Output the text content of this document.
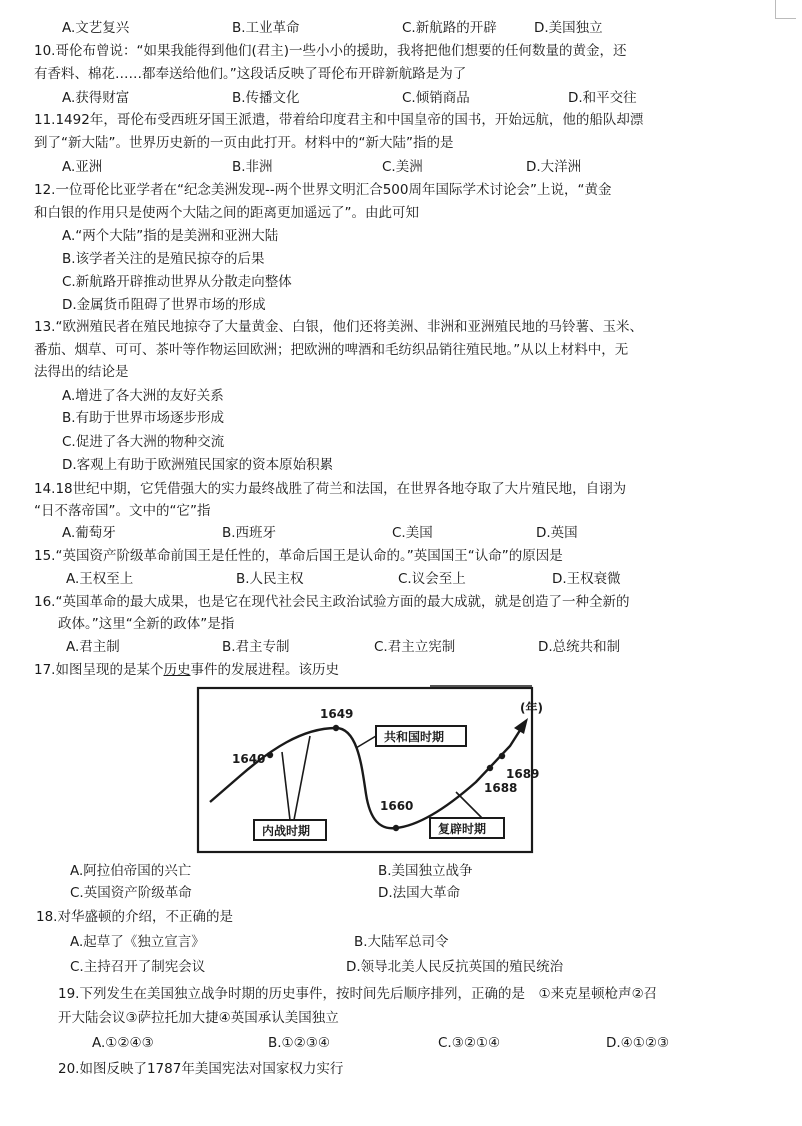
A.文艺复兴	B.工业革命	C.新航路的开辟	D.美国独立
10.哥伦布曾说：“如果我能得到他们(君主)一些小小的援助，我将把他们想要的任何数量的黄金，还
有香料、棉花……都奉送给他们。”这段话反映了哥伦布开辟新航路是为了
A.获得财富	B.传播文化	C.倾销商品	D.和平交往
11.1492年，哥伦布受西班牙国王派遣，带着给印度君主和中国皇帝的国书，开始远航，他的船队却漂
到了“新大陆”。世界历史新的一页由此打开。材料中的“新大陆”指的是
A.亚洲	B.非洲	C.美洲	D.大洋洲
12.一位哥伦比亚学者在“纪念美洲发现--两个世界文明汇合500周年国际学术讨论会”上说，“黄金
和白银的作用只是使两个大陆之间的距离更加遥远了”。由此可知
A.“两个大陆”指的是美洲和亚洲大陆
B.该学者关注的是殖民掠夺的后果
C.新航路开辟推动世界从分散走向整体
D.金属货币阻碍了世界市场的形成
13.“欧洲殖民者在殖民地掠夺了大量黄金、白银，他们还将美洲、非洲和亚洲殖民地的马铃薯、玉米、
番茄、烟草、可可、茶叶等作物运回欧洲；把欧洲的啤酒和毛纺织品销往殖民地。”从以上材料中，无
法得出的结论是
A.增进了各大洲的友好关系
B.有助于世界市场逐步形成
C.促进了各大洲的物种交流
D.客观上有助于欧洲殖民国家的资本原始积累
14.18世纪中期，它凭借强大的实力最终战胜了荷兰和法国，在世界各地夺取了大片殖民地，自诩为
“日不落帝国”。文中的“它”指
A.葡萄牙	B.西班牙	C.美国	D.英国
15.“英国资产阶级革命前国王是任性的，革命后国王是认命的。”英国国王“认命”的原因是
A.王权至上	B.人民主权	C.议会至上	D.王权衰微
16.“英国革命的最大成果，也是它在现代社会民主政治试验方面的最大成就，就是创造了一种全新的
政体。”这里“全新的政体”是指
A.君主制	B.君主专制	C.君主立宪制	D.总统共和制
17.如图呈现的是某个历史事件的发展进程。该历史
1640
1649
1660
1688
1689
(年)
共和国时期
内战时期	复辟时期
A.阿拉伯帝国的兴亡	B.美国独立战争
C.英国资产阶级革命	D.法国大革命
18.对华盛顿的介绍，不正确的是
A.起草了《独立宣言》	B.大陆军总司令
C.主持召开了制宪会议	D.领导北美人民反抗英国的殖民统治
19.下列发生在美国独立战争时期的历史事件，按时间先后顺序排列，正确的是　①来克星顿枪声②召
开大陆会议③萨拉托加大捷④英国承认美国独立
A.①②④③	B.①②③④	C.③②①④	D.④①②③
20.如图反映了1787年美国宪法对国家权力实行
